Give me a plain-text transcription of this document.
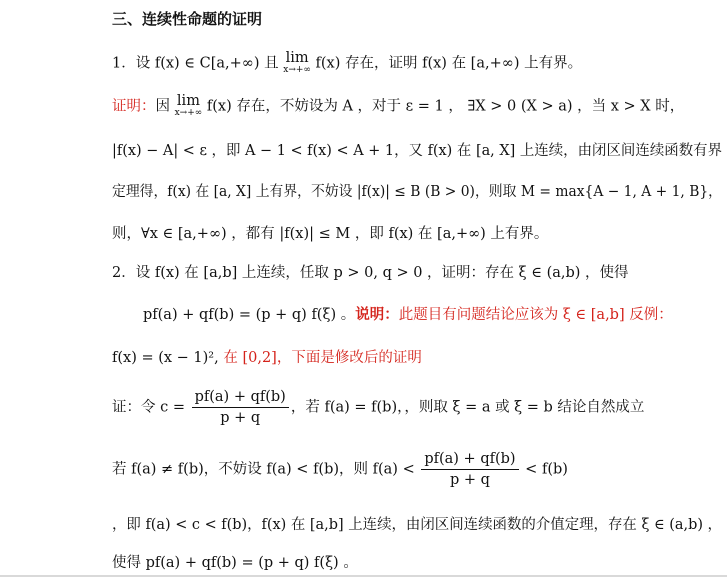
三、连续性命题的证明
1．设 f(x) ∈ C[a,+∞) 且 lim
x→+∞ f(x) 存在，证明 f(x) 在 [a,+∞) 上有界。
证明：因 lim
x→+∞ f(x) 存在，不妨设为 A ，对于 ε = 1 ， ∃X > 0 (X > a) ，当 x > X 时，
|f(x) − A| < ε ，即 A − 1 < f(x) < A + 1，又 f(x) 在 [a, X] 上连续，由闭区间连续函数有界
定理得，f(x) 在 [a, X] 上有界，不妨设 |f(x)| ≤ B (B > 0)，则取 M = max{A − 1, A + 1, B}，
则，∀x ∈ [a,+∞) ，都有 |f(x)| ≤ M ，即 f(x) 在 [a,+∞) 上有界。
2．设 f(x) 在 [a,b] 上连续，任取 p > 0, q > 0 ，证明：存在 ξ ∈ (a,b) ，使得
pf(a) + qf(b) = (p + q) f(ξ) 。说明：此题目有问题结论应该为 ξ ∈ [a,b] 反例：
f(x) = (x − 1)², 在 [0,2]，下面是修改后的证明
证：令 $c = \frac{pf(a) + qf(b)}{p + q}$ ，若 f(a) = f(b)，，则取 ξ = a 或 ξ = b 结论自然成立
若 f(a) ≠ f(b)，不妨设 f(a) < f(b)，则 $f(a) < \frac{pf(a) + qf(b)}{p + q} < f(b)$
，即 f(a) < c < f(b)，f(x) 在 [a,b] 上连续，由闭区间连续函数的介值定理，存在 ξ ∈ (a,b) ，
使得 pf(a) + qf(b) = (p + q) f(ξ) 。
